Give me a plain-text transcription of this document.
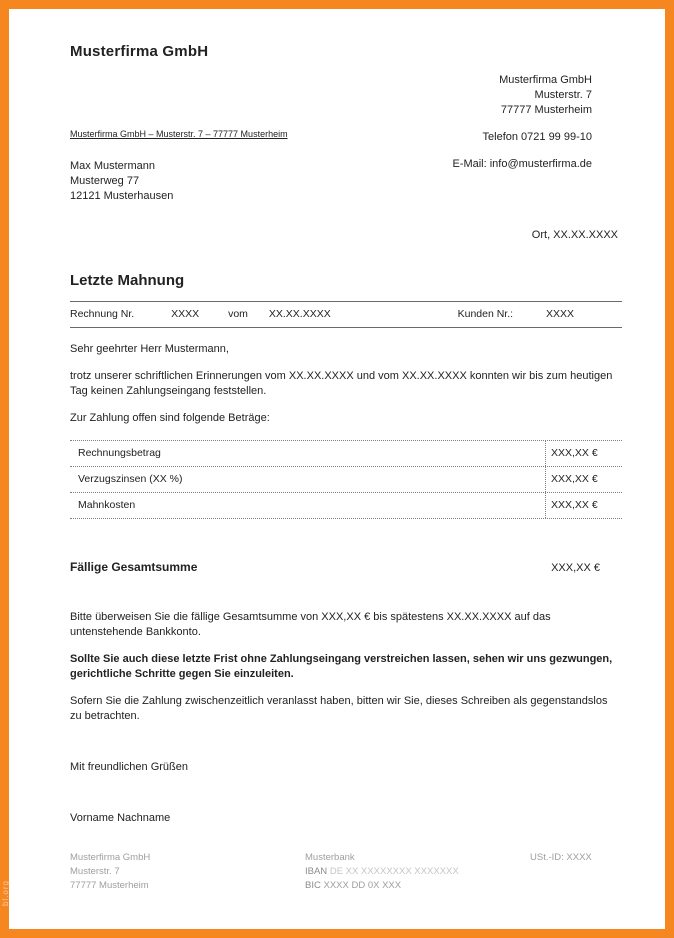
bl.org
Musterfirma GmbH
Musterfirma GmbH – Musterstr. 7 – 77777 Musterheim
Max Mustermann
Musterweg 77
12121 Musterhausen
Musterfirma GmbH
Musterstr. 7
77777 Musterheim
Telefon 0721 99 99-10
E-Mail: info@musterfirma.de
Ort, XX.XX.XXXX
Letzte Mahnung
Rechnung Nr.	XXXX	vom XX.XX.XXXX	Kunden Nr.:	XXXX
Sehr geehrter Herr Mustermann,
trotz unserer schriftlichen Erinnerungen vom XX.XX.XXXX und vom XX.XX.XXXX konnten wir bis zum heutigen Tag keinen Zahlungseingang feststellen.
Zur Zahlung offen sind folgende Beträge:
Rechnungsbetrag	XXX,XX €
Verzugszinsen (XX %)	XXX,XX €
Mahnkosten	XXX,XX €
Fällige Gesamtsumme	XXX,XX €
Bitte überweisen Sie die fällige Gesamtsumme von XXX,XX € bis spätestens XX.XX.XXXX auf das untenstehende Bankkonto.
Sollte Sie auch diese letzte Frist ohne Zahlungseingang verstreichen lassen, sehen wir uns gezwungen, gerichtliche Schritte gegen Sie einzuleiten.
Sofern Sie die Zahlung zwischenzeitlich veranlasst haben, bitten wir Sie, dieses Schreiben als gegenstandslos zu betrachten.
Mit freundlichen Grüßen
Vorname Nachname
Musterfirma GmbH
Musterstr. 7
77777 Musterheim
Musterbank
IBAN DE XX XXXXXXXX XXXXXXX
BIC XXXX DD 0X XXX
USt.-ID: XXXX
